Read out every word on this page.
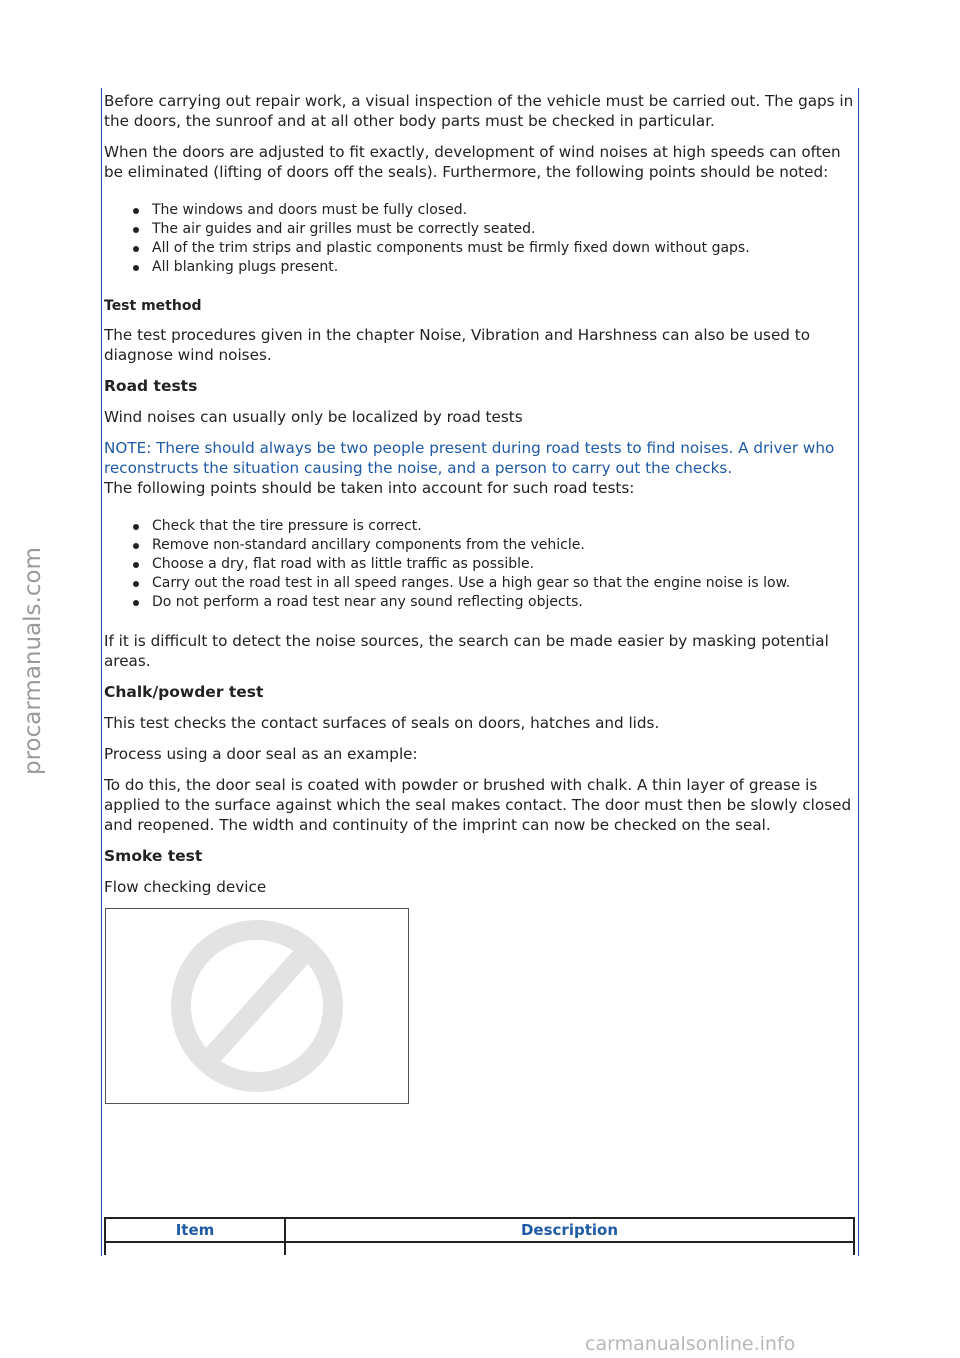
Before carrying out repair work, a visual inspection of the vehicle must be carried out. The gaps in the doors, the sunroof and at all other body parts must be checked in particular.

When the doors are adjusted to fit exactly, development of wind noises at high speeds can often be eliminated (lifting of doors off the seals). Furthermore, the following points should be noted:

The windows and doors must be fully closed.
The air guides and air grilles must be correctly seated.
All of the trim strips and plastic components must be firmly fixed down without gaps.
All blanking plugs present.
Test method

The test procedures given in the chapter Noise, Vibration and Harshness can also be used to diagnose wind noises.

Road tests

Wind noises can usually only be localized by road tests

NOTE: There should always be two people present during road tests to find noises. A driver who reconstructs the situation causing the noise, and a person to carry out the checks.

The following points should be taken into account for such road tests:

Check that the tire pressure is correct.
Remove non-standard ancillary components from the vehicle.
Choose a dry, flat road with as little traffic as possible.
Carry out the road test in all speed ranges. Use a high gear so that the engine noise is low.
Do not perform a road test near any sound reflecting objects.

If it is difficult to detect the noise sources, the search can be made easier by masking potential areas.

Chalk/powder test

This test checks the contact surfaces of seals on doors, hatches and lids.

Process using a door seal as an example:

To do this, the door seal is coated with powder or brushed with chalk. A thin layer of grease is applied to the surface against which the seal makes contact. The door must then be slowly closed and reopened. The width and continuity of the imprint can now be checked on the seal.

Smoke test

Flow checking device

Item	Description

procarmanuals.com
carmanualsonline.info
